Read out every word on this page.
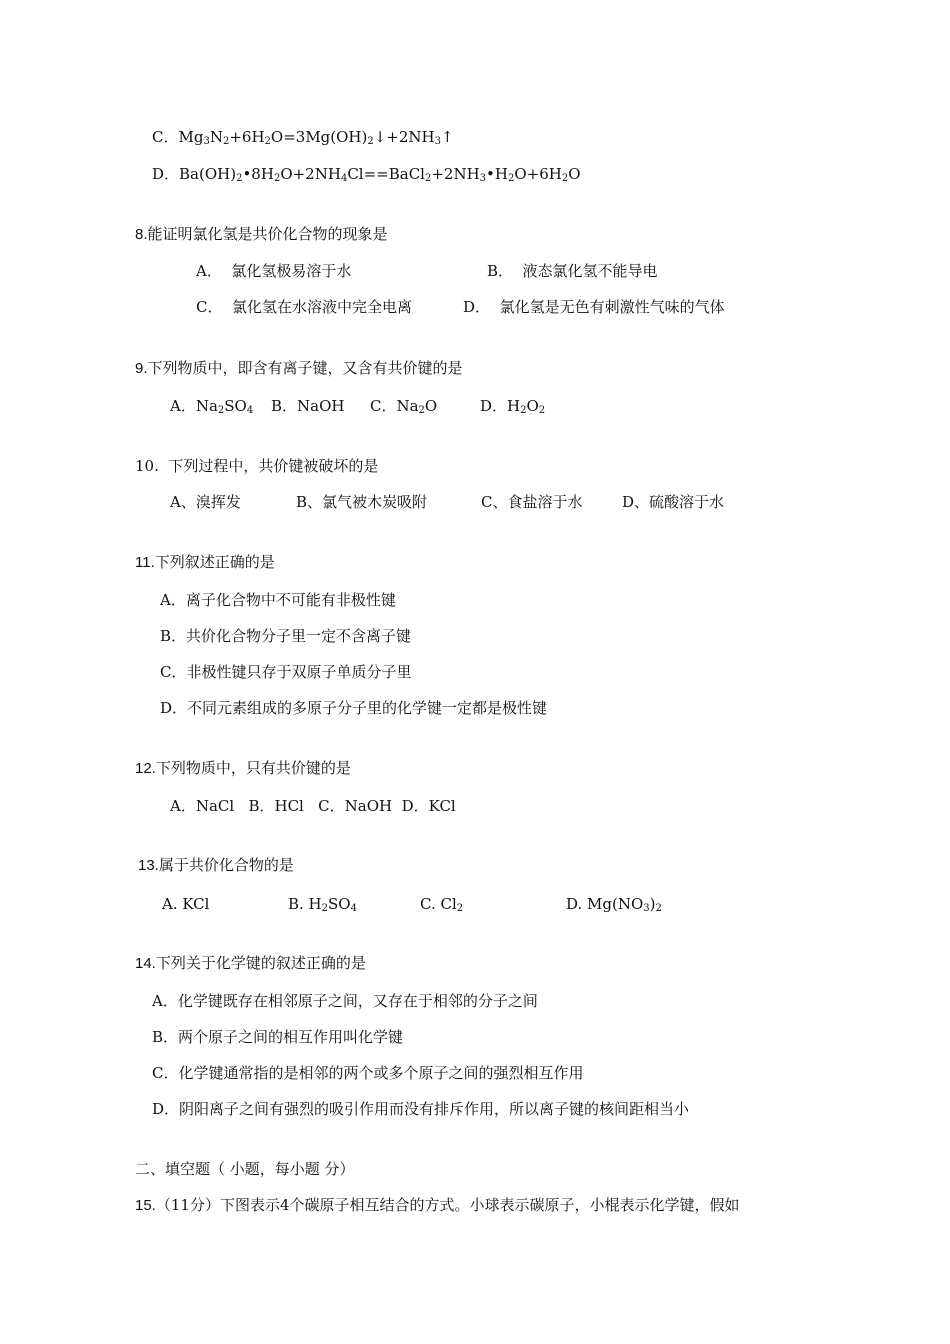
C．$Mg_3N_2+6H_2O=3Mg(OH)_2↓+2NH_3↑$
D．$Ba(OH)_2•8H_2O+2NH_4Cl==BaCl_2+2NH_3•H_2O+6H_2O$
8.能证明氯化氢是共价化合物的现象是
A．  氯化氢极易溶于水	B．  液态氯化氢不能导电
C．  氯化氢在水溶液中完全电离	D．  氯化氢是无色有刺激性气味的气体
9.下列物质中，即含有离子键，又含有共价键的是
A．$Na_2SO_4$ B．NaOH C．$Na_2O$	D．$H_2O_2$
10.  下列过程中，共价键被破坏的是
A、溴挥发	B、氯气被木炭吸附	C、食盐溶于水	D、硫酸溶于水
11.下列叙述正确的是
A．离子化合物中不可能有非极性键
B．共价化合物分子里一定不含离子键
C．非极性键只存于双原子单质分子里
D．不同元素组成的多原子分子里的化学键一定都是极性键
12.下列物质中，只有共价键的是
A．NaCl   B．HCl   C．NaOH  D．KCl
13.属于共价化合物的是
A. KCl	B. $H_2SO_4$	C. $Cl_2$	D. $Mg(NO_3)_2$
14.下列关于化学键的叙述正确的是
A．化学键既存在相邻原子之间，又存在于相邻的分子之间
B．两个原子之间的相互作用叫化学键
C．化学键通常指的是相邻的两个或多个原子之间的强烈相互作用
D．阴阳离子之间有强烈的吸引作用而没有排斥作用，所以离子键的核间距相当小
二、填空题（ 小题，每小题 分）
15.（11分）下图表示4个碳原子相互结合的方式。小球表示碳原子，小棍表示化学键，假如
